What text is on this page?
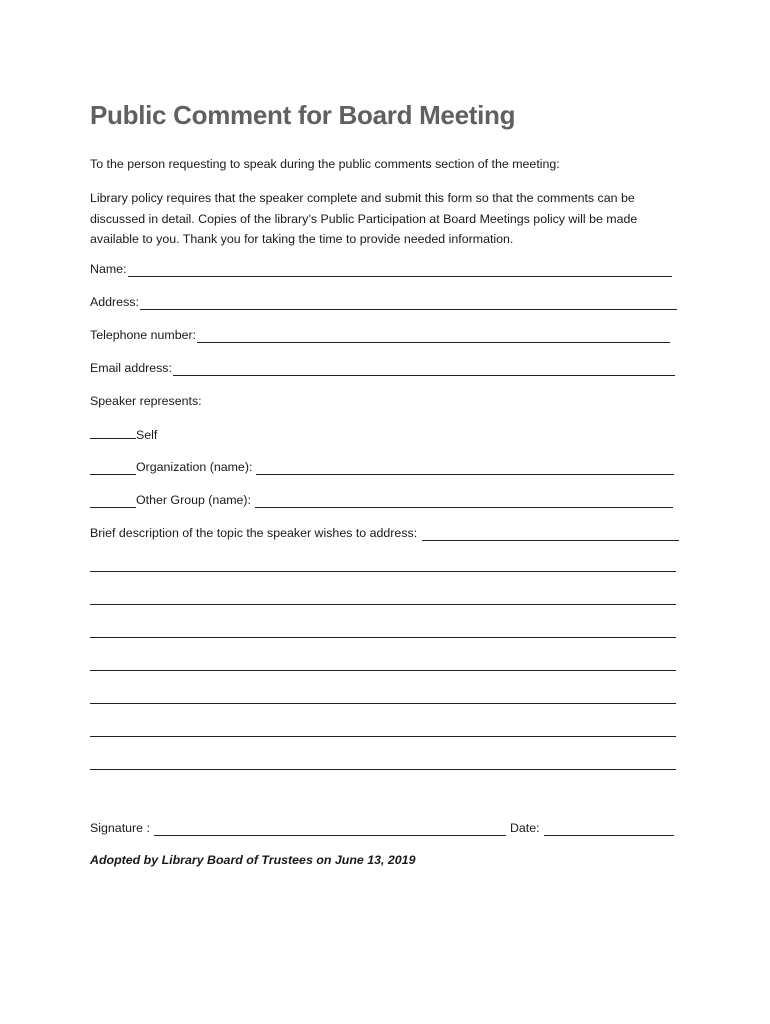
Public Comment for Board Meeting
To the person requesting to speak during the public comments section of the meeting:
Library policy requires that the speaker complete and submit this form so that the comments can be
discussed in detail. Copies of the library’s Public Participation at Board Meetings policy will be made
available to you. Thank you for taking the time to provide needed information.
Name:
Address:
Telephone number:
Email address:
Speaker represents:
Self
Organization (name):
Other Group (name):
Brief description of the topic the speaker wishes to address:
Signature :	Date:
Adopted by Library Board of Trustees on June 13, 2019
